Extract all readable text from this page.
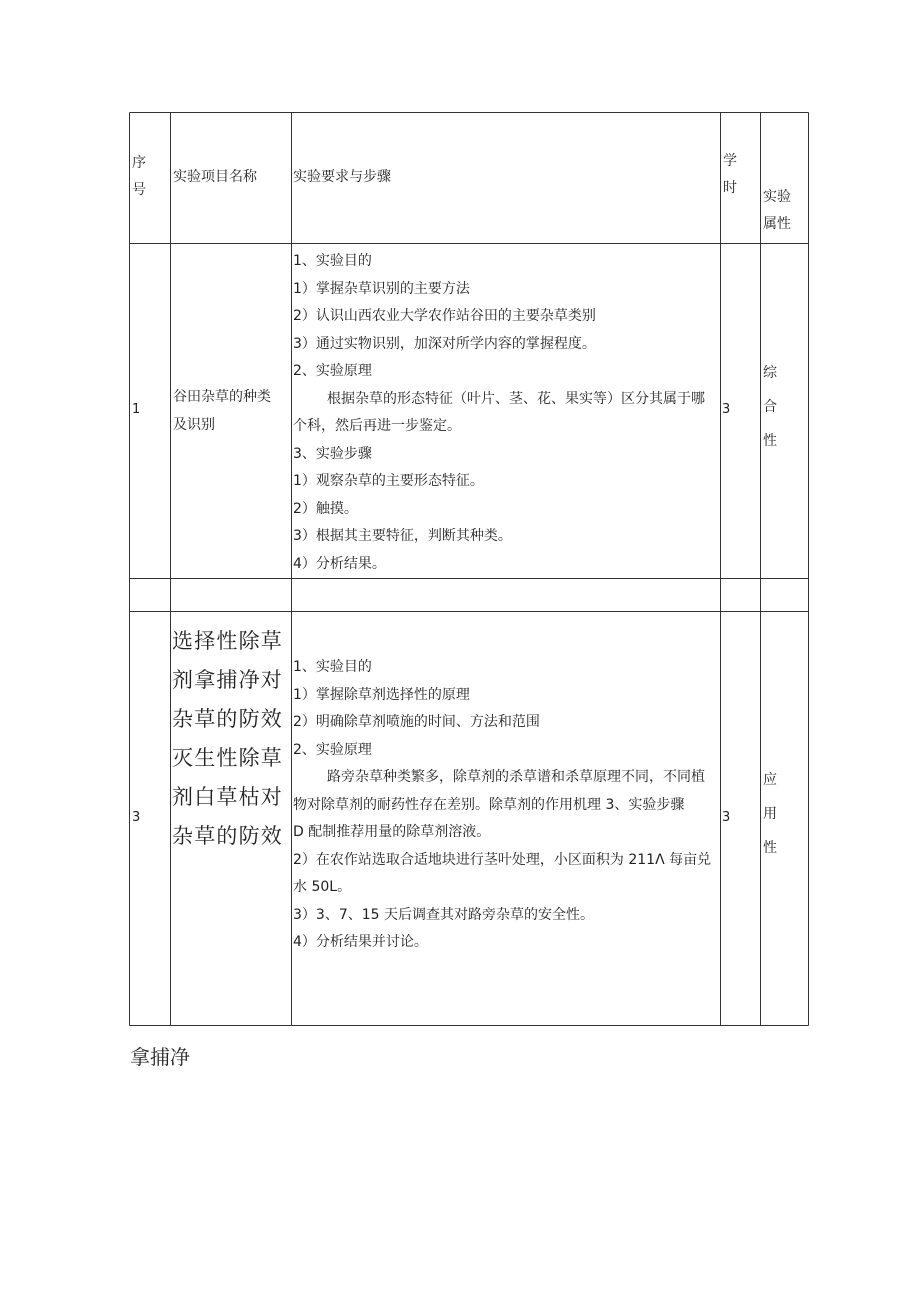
序
号
实验项目名称	实验要求与步骤
学
时
实验
属性
1
谷田杂草的种类
及识别
1、实验目的
1）掌握杂草识别的主要方法
2）认识山西农业大学农作站谷田的主要杂草类别
3）通过实物识别，加深对所学内容的掌握程度。
2、实验原理
根据杂草的形态特征（叶片、茎、花、果实等）区分其属于哪个科，然后再进一步鉴定。
3、实验步骤
1）观察杂草的主要形态特征。
2）触摸。
3）根据其主要特征，判断其种类。
4）分析结果。
3
综
合
性
3
选择性除草
剂拿捕净对
杂草的防效
灭生性除草
剂白草枯对
杂草的防效
1、实验目的
1）掌握除草剂选择性的原理
2）明确除草剂喷施的时间、方法和范围
2、实验原理
路旁杂草种类繁多，除草剂的杀草谱和杀草原理不同，不同植物对除草剂的耐药性存在差别。除草剂的作用机理 3、实验步骤
D 配制推荐用量的除草剂溶液。
2）在农作站选取合适地块进行茎叶处理，小区面积为 211Λ 每亩兑水 50L。
3）3、7、15 天后调查其对路旁杂草的安全性。
4）分析结果并讨论。
3
应
用
性
拿捕净
